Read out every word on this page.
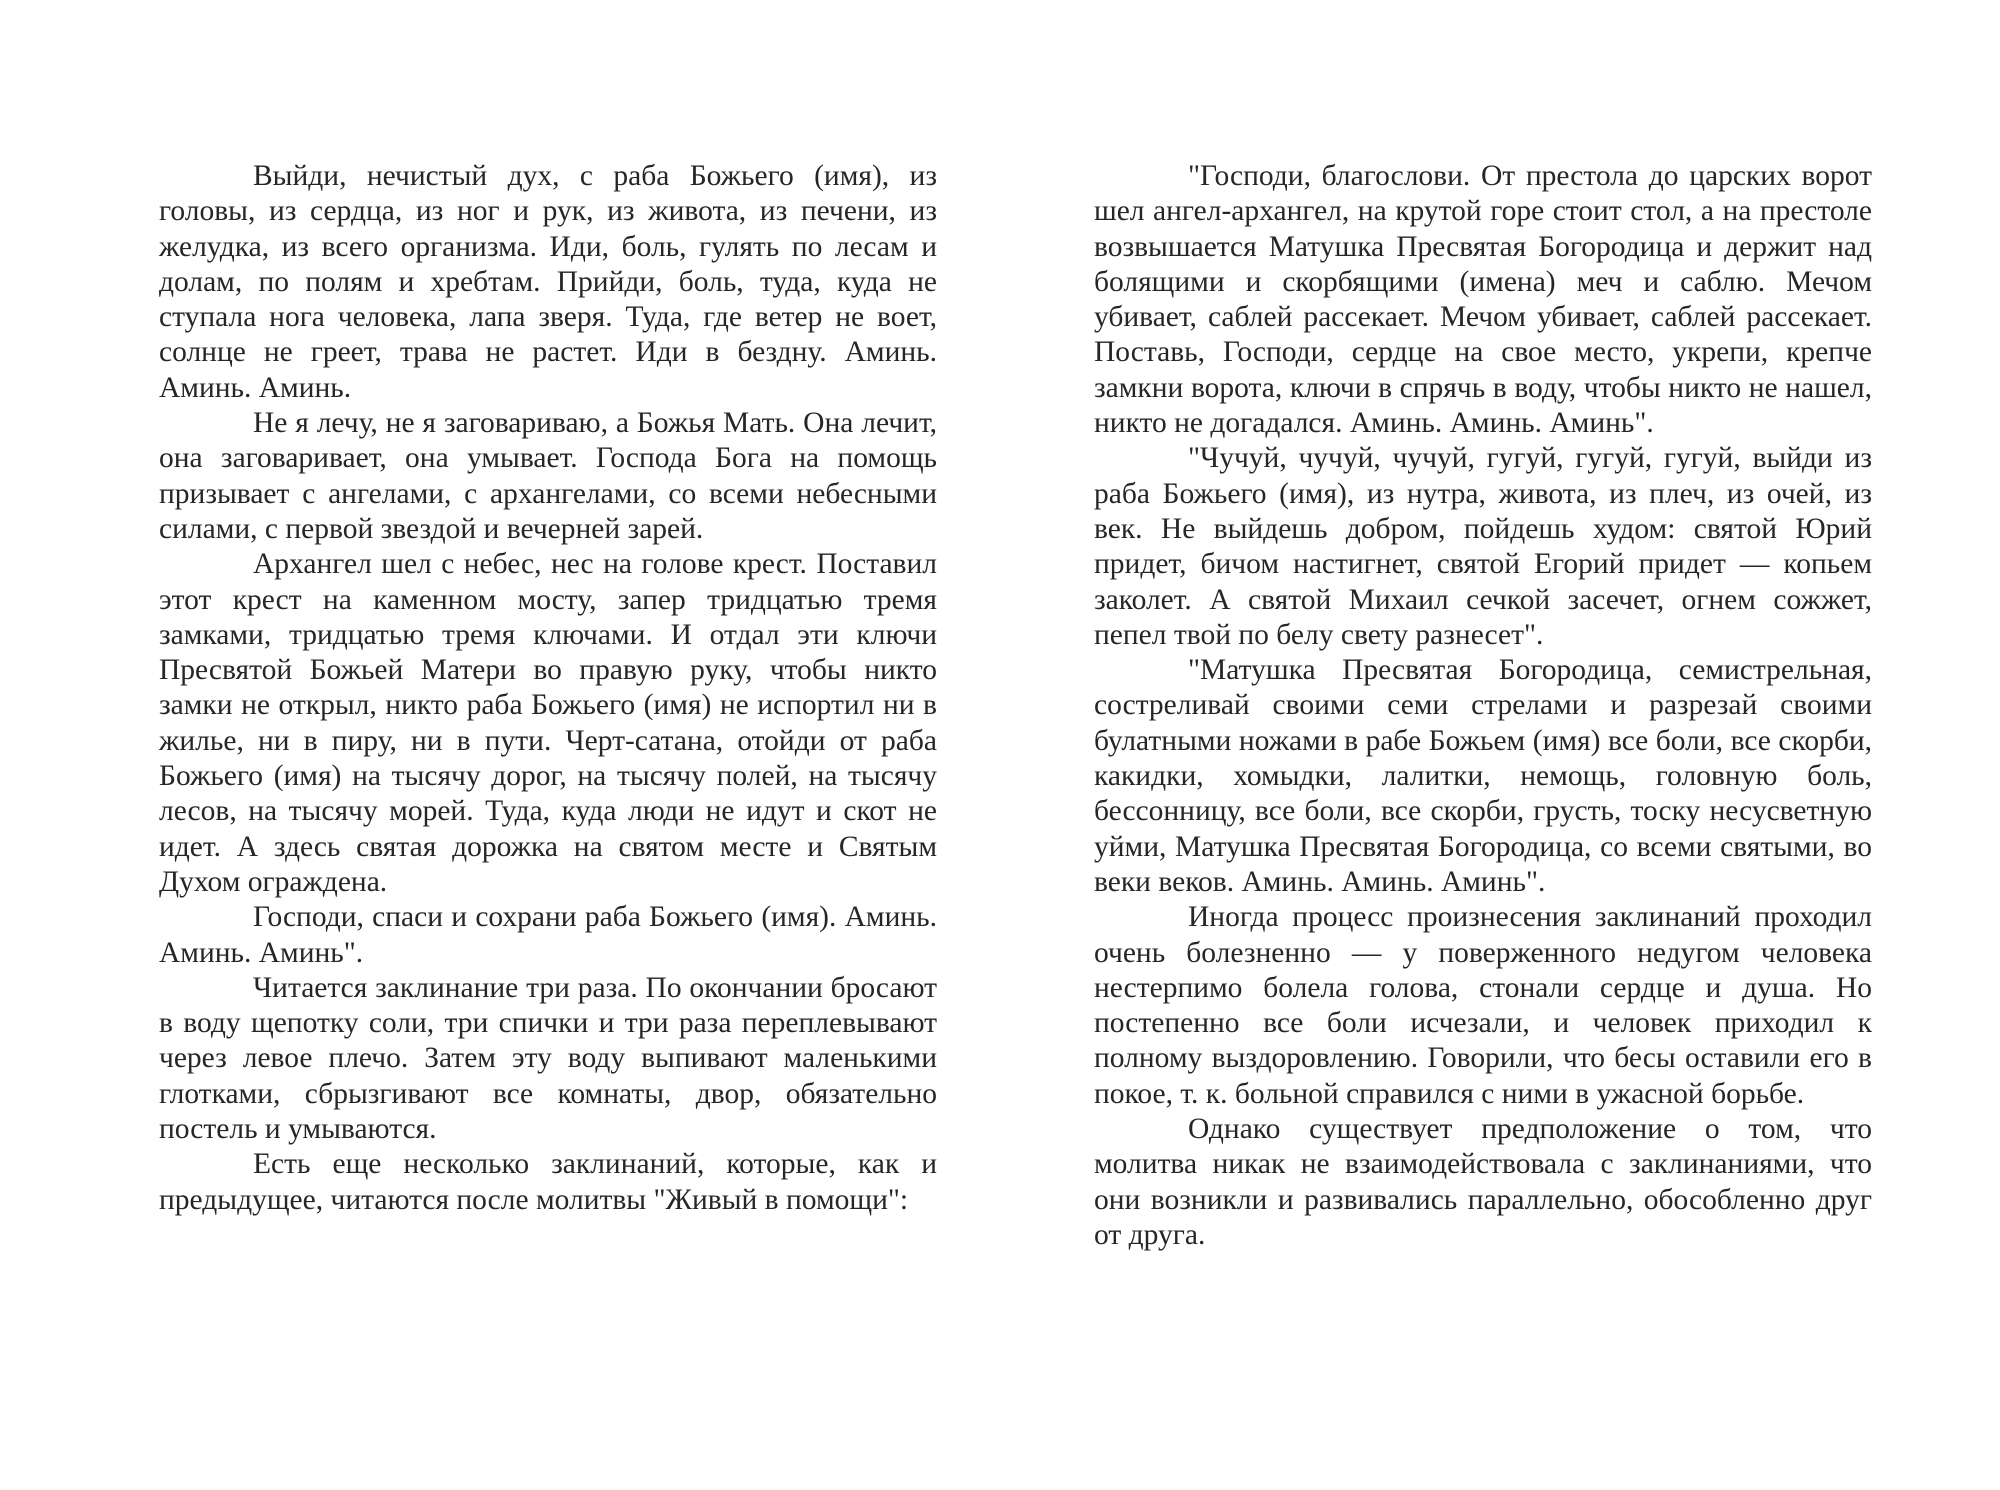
Выйди, нечистый дух, с раба Божьего (имя), из головы, из сердца, из ног и рук, из живота, из печени, из желудка, из всего организма. Иди, боль, гулять по лесам и долам, по полям и хребтам. Прийди, боль, туда, куда не ступала нога человека, лапа зверя. Туда, где ветер не воет, солнце не греет, трава не растет. Иди в бездну. Аминь. Аминь. Аминь.

Не я лечу, не я заговариваю, а Божья Мать. Она лечит, она заговаривает, она умывает. Господа Бога на помощь призывает с ангелами, с архангелами, со всеми небесными силами, с первой звездой и вечерней зарей.

Архангел шел с небес, нес на голове крест. Поставил этот крест на каменном мосту, запер тридцатью тремя замками, тридцатью тремя ключами. И отдал эти ключи Пресвятой Божьей Матери во правую руку, чтобы никто замки не открыл, никто раба Божьего (имя) не испортил ни в жилье, ни в пиру, ни в пути. Черт-сатана, отойди от раба Божьего (имя) на тысячу дорог, на тысячу полей, на тысячу лесов, на тысячу морей. Туда, куда люди не идут и скот не идет. А здесь святая дорожка на святом месте и Святым Духом ограждена.

Господи, спаси и сохрани раба Божьего (имя). Аминь. Аминь. Аминь".

Читается заклинание три раза. По окончании бросают в воду щепотку соли, три спички и три раза переплевывают через левое плечо. Затем эту воду выпивают маленькими глотками, сбрызгивают все комнаты, двор, обязательно постель и умываются.

Есть еще несколько заклинаний, которые, как и предыдущее, читаются после молитвы "Живый в помощи":

"Господи, благослови. От престола до царских ворот шел ангел-архангел, на крутой горе стоит стол, а на престоле возвышается Матушка Пресвятая Богородица и держит над болящими и скорбящими (имена) меч и саблю. Мечом убивает, саблей рассекает. Мечом убивает, саблей рассекает. Поставь, Господи, сердце на свое место, укрепи, крепче замкни ворота, ключи в спрячь в воду, чтобы никто не нашел, никто не догадался. Аминь. Аминь. Аминь".

"Чучуй, чучуй, чучуй, гугуй, гугуй, гугуй, выйди из раба Божьего (имя), из нутра, живота, из плеч, из очей, из век. Не выйдешь добром, пойдешь худом: святой Юрий придет, бичом настигнет, святой Егорий придет — копьем заколет. А святой Михаил сечкой засечет, огнем сожжет, пепел твой по белу свету разнесет".

"Матушка Пресвятая Богородица, семистрельная, сострeливай своими семи стрелами и разрезай своими булатными ножами в рабе Божьем (имя) все боли, все скорби, какидки, хомыдки, лалитки, немощь, головную боль, бессонницу, все боли, все скорби, грусть, тоску несусветную уйми, Матушка Пресвятая Богородица, со всеми святыми, во веки веков. Аминь. Аминь. Аминь".

Иногда процесс произнесения заклинаний проходил очень болезненно — у поверженного недугом человека нестерпимо болела голова, стонали сердце и душа. Но постепенно все боли исчезали, и человек приходил к полному выздоровлению. Говорили, что бесы оставили его в покое, т. к. больной справился с ними в ужасной борьбе.

Однако существует предположение о том, что молитва никак не взаимодействовала с заклинаниями, что они возникли и развивались параллельно, обособленно друг от друга.
